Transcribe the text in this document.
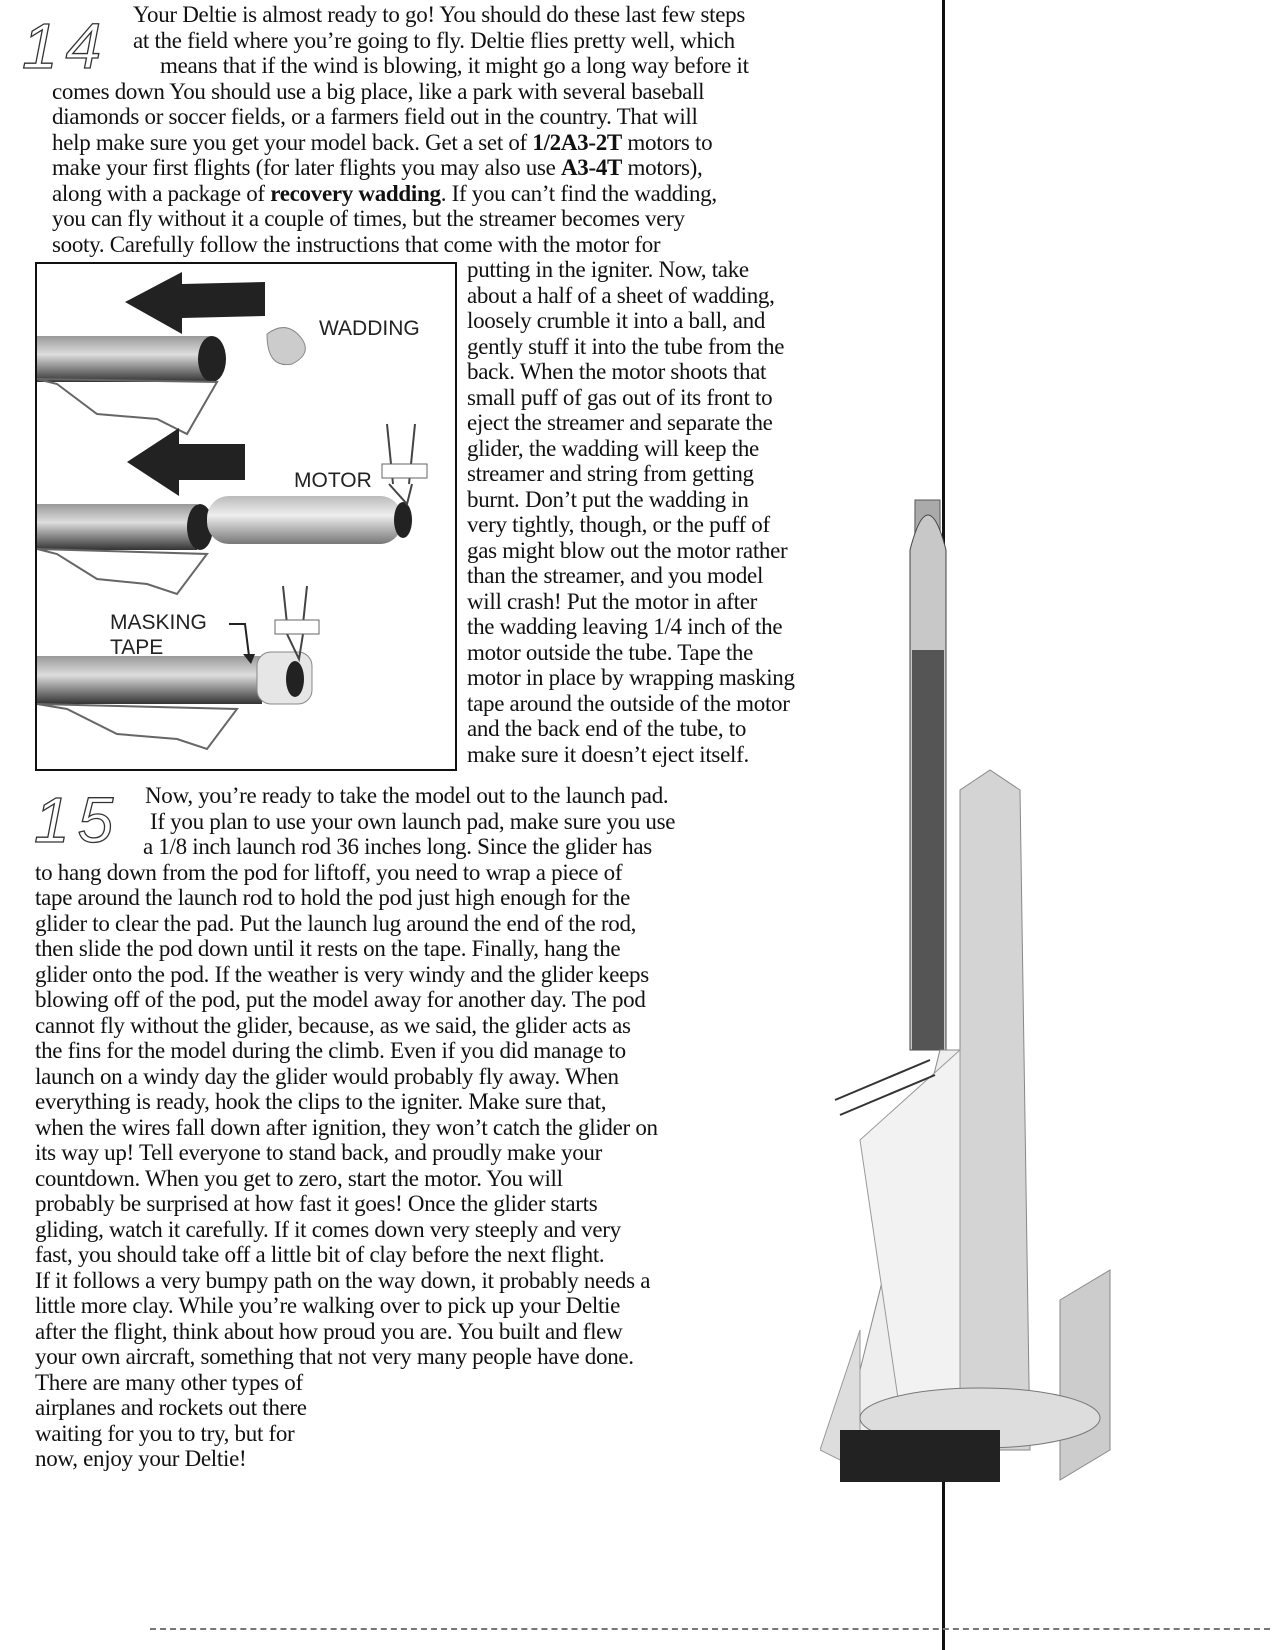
14
15
Your Deltie is almost ready to go! You should do these last few steps
at the field where you’re going to fly. Deltie flies pretty well, which
means that if the wind is blowing, it might go a long way before it
comes down You should use a big place, like a park with several baseball
diamonds or soccer fields, or a farmers field out in the country. That will
help make sure you get your model back. Get a set of 1/2A3-2T motors to
make your first flights (for later flights you may also use A3-4T motors),
along with a package of recovery wadding. If you can’t find the wadding,
you can fly without it a couple of times, but the streamer becomes very
sooty. Carefully follow the instructions that come with the motor for
putting in the igniter. Now, take
about a half of a sheet of wadding,
loosely crumble it into a ball, and
gently stuff it into the tube from the
back. When the motor shoots that
small puff of gas out of its front to
eject the streamer and separate the
glider, the wadding will keep the
streamer and string from getting
burnt. Don’t put the wadding in
very tightly, though, or the puff of
gas might blow out the motor rather
than the streamer, and you model
will crash! Put the motor in after
the wadding leaving 1/4 inch of the
motor outside the tube. Tape the
motor in place by wrapping masking
tape around the outside of the motor
and the back end of the tube, to
make sure it doesn’t eject itself.
Now, you’re ready to take the model out to the launch pad.
If you plan to use your own launch pad, make sure you use
a 1/8 inch launch rod 36 inches long. Since the glider has
to hang down from the pod for liftoff, you need to wrap a piece of
tape around the launch rod to hold the pod just high enough for the
glider to clear the pad. Put the launch lug around the end of the rod,
then slide the pod down until it rests on the tape. Finally, hang the
glider onto the pod. If the weather is very windy and the glider keeps
blowing off of the pod, put the model away for another day. The pod
cannot fly without the glider, because, as we said, the glider acts as
the fins for the model during the climb. Even if you did manage to
launch on a windy day the glider would probably fly away. When
everything is ready, hook the clips to the igniter. Make sure that,
when the wires fall down after ignition, they won’t catch the glider on
its way up! Tell everyone to stand back, and proudly make your
countdown. When you get to zero, start the motor. You will
probably be surprised at how fast it goes! Once the glider starts
gliding, watch it carefully. If it comes down very steeply and very
fast, you should take off a little bit of clay before the next flight.
If it follows a very bumpy path on the way down, it probably needs a
little more clay. While you’re walking over to pick up your Deltie
after the flight, think about how proud you are. You built and flew
your own aircraft, something that not very many people have done.
There are many other types of
airplanes and rockets out there
waiting for you to try, but for
now, enjoy your Deltie!
WADDING
MOTOR
MASKING
TAPE
